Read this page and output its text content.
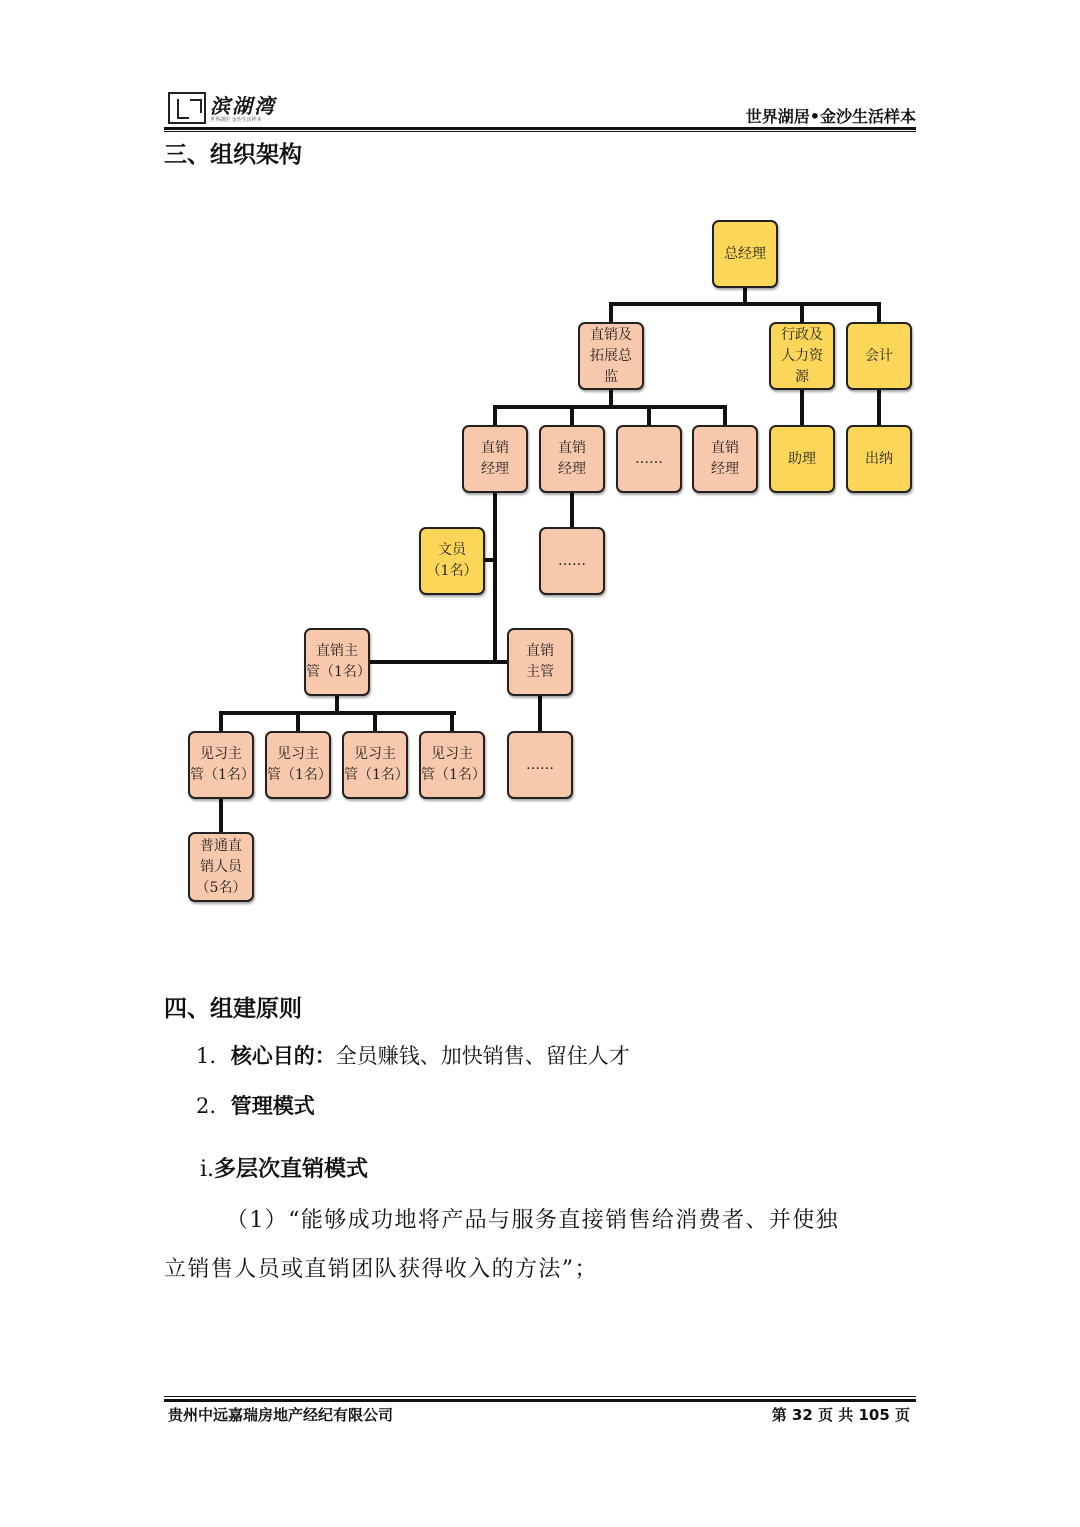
滨湖湾
世界湖居 金沙生活样本	世界湖居•金沙生活样本
三、组织架构
总经理
直销及
拓展总
监
行政及
人力资
源
会计
直销
经理
直销
经理
……
直销
经理
助理	出纳
文员
（1名）
……
直销主
管（1名）
直销
主管
见习主
管（1名）
见习主
管（1名）
见习主
管（1名）
见习主
管（1名）
……
普通直
销人员
（5名）
四、组建原则
1. 核心目的：全员赚钱、加快销售、留住人才
2. 管理模式
i.多层次直销模式
（1）“能够成功地将产品与服务直接销售给消费者、并使独
立销售人员或直销团队获得收入的方法”；
贵州中远嘉瑞房地产经纪有限公司	第 32 页 共 105 页
